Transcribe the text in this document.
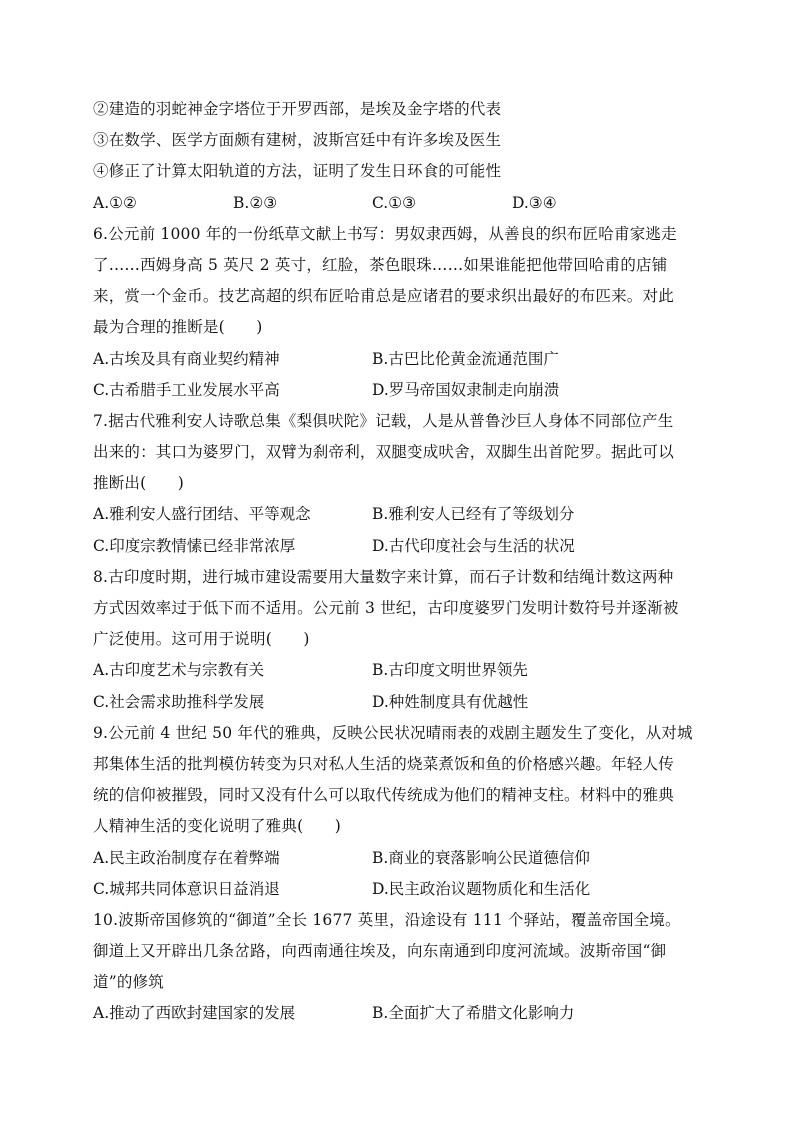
②建造的羽蛇神金字塔位于开罗西部，是埃及金字塔的代表
③在数学、医学方面颇有建树，波斯宫廷中有许多埃及医生
④修正了计算太阳轨道的方法，证明了发生日环食的可能性
A.①②	B.②③	C.①③	D.③④
6.公元前 1000 年的一份纸草文献上书写：男奴隶西姆，从善良的织布匠哈甫家逃走
了……西姆身高 5 英尺 2 英寸，红脸，茶色眼珠……如果谁能把他带回哈甫的店铺
来，赏一个金币。技艺高超的织布匠哈甫总是应诸君的要求织出最好的布匹来。对此
最为合理的推断是(　　)
A.古埃及具有商业契约精神	B.古巴比伦黄金流通范围广
C.古希腊手工业发展水平高	D.罗马帝国奴隶制走向崩溃
7.据古代雅利安人诗歌总集《梨俱吠陀》记载，人是从普鲁沙巨人身体不同部位产生
出来的：其口为婆罗门，双臂为刹帝利，双腿变成吠舍，双脚生出首陀罗。据此可以
推断出(　　)
A.雅利安人盛行团结、平等观念	B.雅利安人已经有了等级划分
C.印度宗教情愫已经非常浓厚	D.古代印度社会与生活的状况
8.古印度时期，进行城市建设需要用大量数字来计算，而石子计数和结绳计数这两种
方式因效率过于低下而不适用。公元前 3 世纪，古印度婆罗门发明计数符号并逐渐被
广泛使用。这可用于说明(　　)
A.古印度艺术与宗教有关	B.古印度文明世界领先
C.社会需求助推科学发展	D.种姓制度具有优越性
9.公元前 4 世纪 50 年代的雅典，反映公民状况晴雨表的戏剧主题发生了变化，从对城
邦集体生活的批判模仿转变为只对私人生活的烧菜煮饭和鱼的价格感兴趣。年轻人传
统的信仰被摧毁，同时又没有什么可以取代传统成为他们的精神支柱。材料中的雅典
人精神生活的变化说明了雅典(　　)
A.民主政治制度存在着弊端	B.商业的衰落影响公民道德信仰
C.城邦共同体意识日益消退	D.民主政治议题物质化和生活化
10.波斯帝国修筑的“御道”全长 1677 英里，沿途设有 111 个驿站，覆盖帝国全境。
御道上又开辟出几条岔路，向西南通往埃及，向东南通到印度河流域。波斯帝国“御
道”的修筑
A.推动了西欧封建国家的发展	B.全面扩大了希腊文化影响力
